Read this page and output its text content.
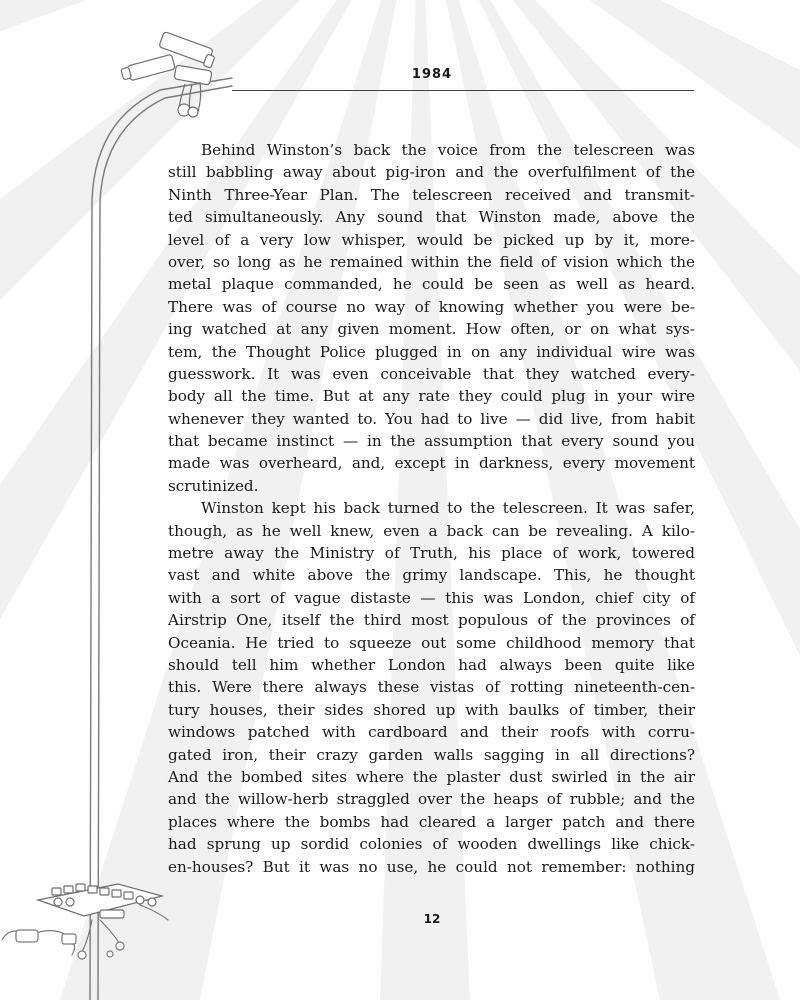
1984
Behind Winston’s back the voice from the telescreen was
still babbling away about pig-iron and the overfulfilment of the
Ninth Three-Year Plan. The telescreen received and transmit-
ted simultaneously. Any sound that Winston made, above the
level of a very low whisper, would be picked up by it, more-
over, so long as he remained within the field of vision which the
metal plaque commanded, he could be seen as well as heard.
There was of course no way of knowing whether you were be-
ing watched at any given moment. How often, or on what sys-
tem, the Thought Police plugged in on any individual wire was
guesswork. It was even conceivable that they watched every-
body all the time. But at any rate they could plug in your wire
whenever they wanted to. You had to live — did live, from habit
that became instinct — in the assumption that every sound you
made was overheard, and, except in darkness, every movement
scrutinized.
Winston kept his back turned to the telescreen. It was safer,
though, as he well knew, even a back can be revealing. A kilo-
metre away the Ministry of Truth, his place of work, towered
vast and white above the grimy landscape. This, he thought
with a sort of vague distaste — this was London, chief city of
Airstrip One, itself the third most populous of the provinces of
Oceania. He tried to squeeze out some childhood memory that
should tell him whether London had always been quite like
this. Were there always these vistas of rotting nineteenth-cen-
tury houses, their sides shored up with baulks of timber, their
windows patched with cardboard and their roofs with corru-
gated iron, their crazy garden walls sagging in all directions?
And the bombed sites where the plaster dust swirled in the air
and the willow-herb straggled over the heaps of rubble; and the
places where the bombs had cleared a larger patch and there
had sprung up sordid colonies of wooden dwellings like chick-
en-houses? But it was no use, he could not remember: nothing
12
